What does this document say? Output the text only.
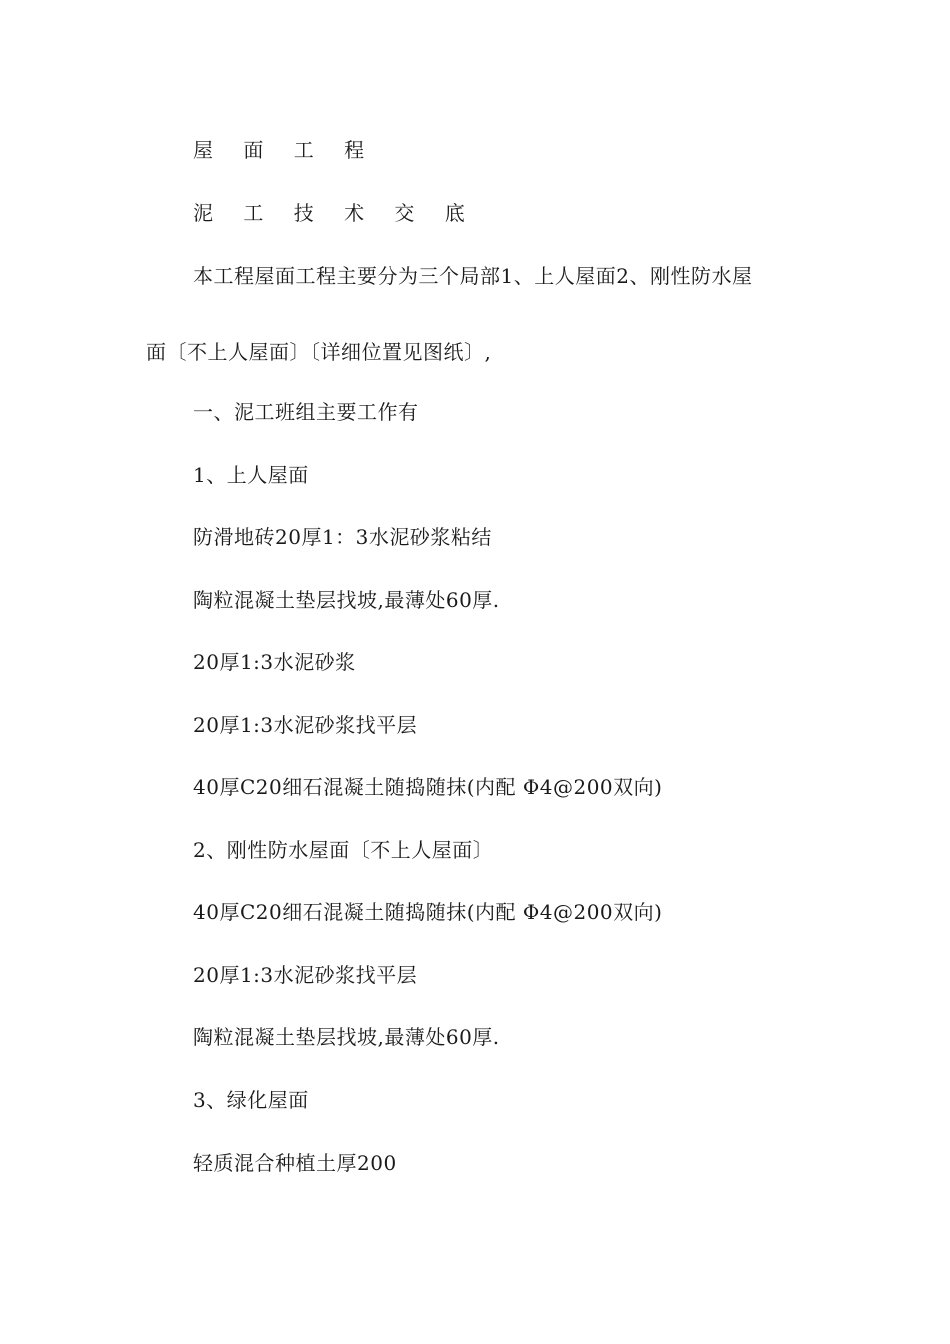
屋 面 工 程
泥 工 技 术 交 底
本工程屋面工程主要分为三个局部1、上人屋面2、刚性防水屋
面〔不上人屋面〕〔详细位置见图纸〕,
一、泥工班组主要工作有
1、上人屋面
防滑地砖20厚1：3水泥砂浆粘结
陶粒混凝土垫层找坡,最薄处60厚.
20厚1:3水泥砂浆
20厚1:3水泥砂浆找平层
40厚C20细石混凝土随捣随抹(内配 Φ4@200双向)
2、刚性防水屋面〔不上人屋面〕
40厚C20细石混凝土随捣随抹(内配 Φ4@200双向)
20厚1:3水泥砂浆找平层
陶粒混凝土垫层找坡,最薄处60厚.
3、绿化屋面
轻质混合种植土厚200
